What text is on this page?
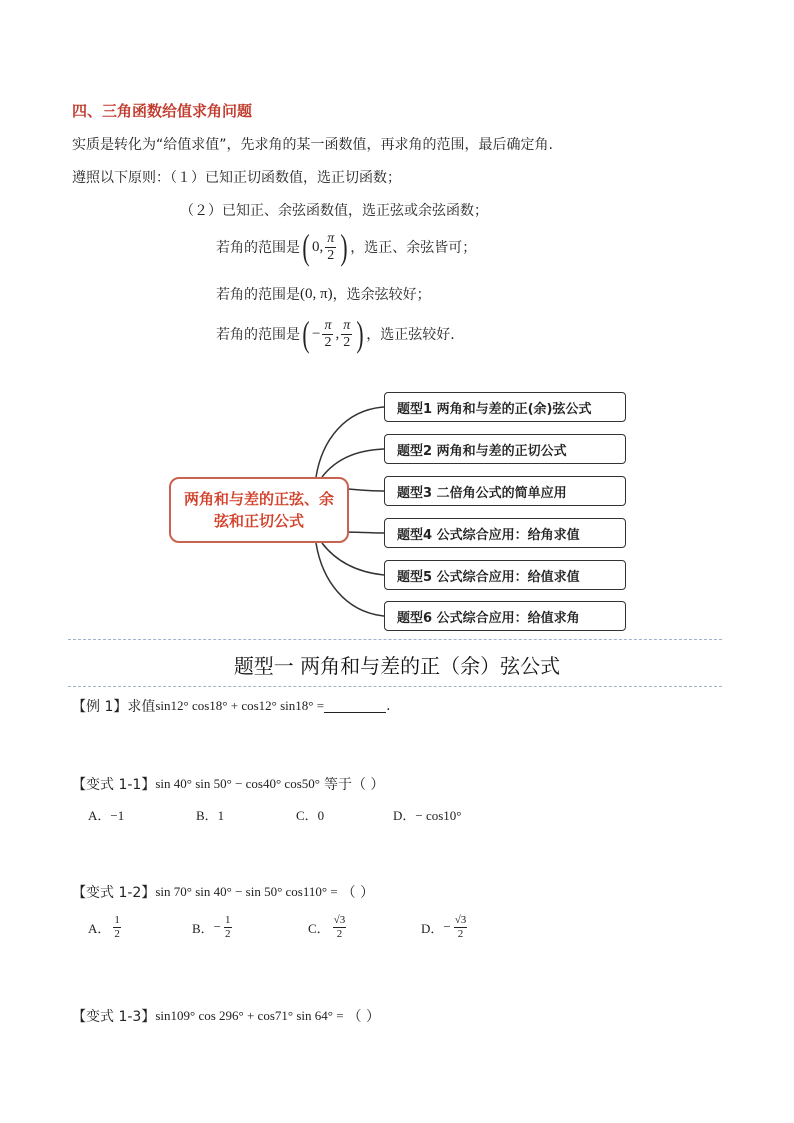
四、三角函数给值求角问题
实质是转化为“给值求值”，先求角的某一函数值，再求角的范围，最后确定角.
遵照以下原则：（１）已知正切函数值，选正切函数；
（２）已知正、余弦函数值，选正弦或余弦函数；
若角的范围是 ( 0, $\frac{\pi}{2}$ ) ，选正、余弦皆可；
若角的范围是 (0, π) ，选余弦较好；
若角的范围是 ( − $\frac{\pi}{2}$ , $\frac{\pi}{2}$ ) ，选正弦较好.
两角和与差的正弦、余弦和正切公式
题型1 两角和与差的正(余)弦公式
题型2 两角和与差的正切公式
题型3 二倍角公式的简单应用
题型4 公式综合应用：给角求值
题型5 公式综合应用：给值求值
题型6 公式综合应用：给值求角
题型一 两角和与差的正（余）弦公式
【例 1】求值 sin12° cos18° + cos12° sin18° =	.
【变式 1-1】 sin 40° sin 50° − cos40° cos50° 等于（ ）
A．−1	B．1	C．0	D．− cos10°
【变式 1-2】 sin 70° sin 40° − sin 50° cos110° = （ ）
A．
1
2	B． − $\frac{1}{2}$	C．
√3
2	D． − $\frac{√3}{2}$
【变式 1-3】 sin109° cos 296° + cos71° sin 64° = （ ）
